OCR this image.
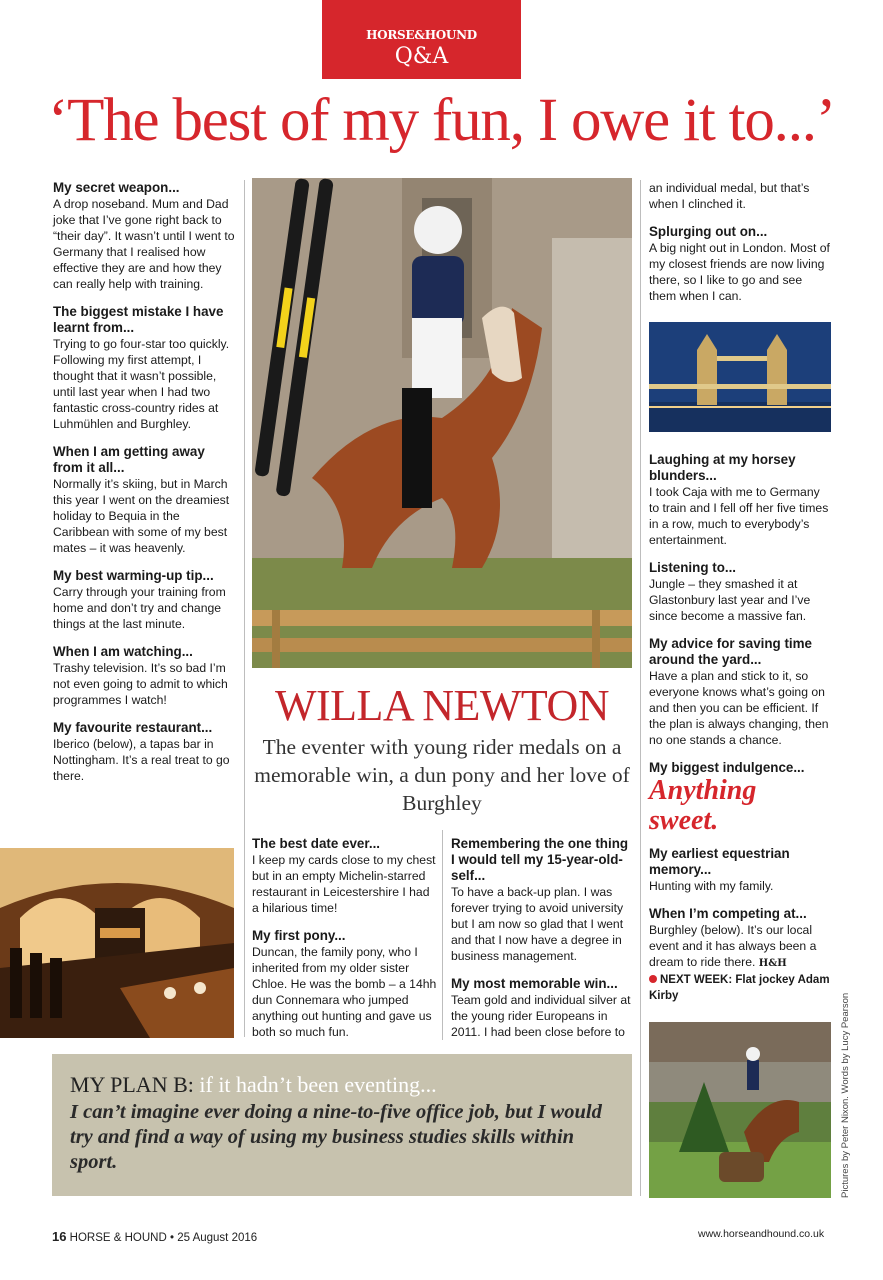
HORSE&HOUND
Q&A
‘The best of my fun, I owe it to...’
My secret weapon...

A drop noseband. Mum and Dad joke that I’ve gone right back to “their day”. It wasn’t until I went to Germany that I realised how effective they are and how they can really help with training.

The biggest mistake I have learnt from...

Trying to go four-star too quickly. Following my first attempt, I thought that it wasn’t possible, until last year when I had two fantastic cross-country rides at Luhmühlen and Burghley.

When I am getting away from it all...

Normally it’s skiing, but in March this year I went on the dreamiest holiday to Bequia in the Caribbean with some of my best mates – it was heavenly.

My best warming-up tip...

Carry through your training from home and don’t try and change things at the last minute.

When I am watching...

Trashy television. It’s so bad I’m not even going to admit to which programmes I watch!

My favourite restaurant...

Iberico (below), a tapas bar in Nottingham. It’s a real treat to go there.

WILLA NEWTON
The eventer with young rider medals on a memorable win, a dun pony and her love of Burghley
The best date ever...

I keep my cards close to my chest but in an empty Michelin-starred restaurant in Leicestershire I had a hilarious time!

My first pony...

Duncan, the family pony, who I inherited from my older sister Chloe. He was the bomb – a 14hh dun Connemara who jumped anything out hunting and gave us both so much fun.

Remembering the one thing I would tell my 15-year-old-self...

To have a back-up plan. I was forever trying to avoid university but I am now so glad that I went and that I now have a degree in business management.

My most memorable win...

Team gold and individual silver at the young rider Europeans in 2011. I had been close before to

an individual medal, but that’s when I clinched it.

Splurging out on...

A big night out in London. Most of my closest friends are now living there, so I like to go and see them when I can.

Laughing at my horsey blunders...

I took Caja with me to Germany to train and I fell off her five times in a row, much to everybody’s entertainment.

Listening to...

Jungle – they smashed it at Glastonbury last year and I’ve since become a massive fan.

My advice for saving time around the yard...

Have a plan and stick to it, so everyone knows what’s going on and then you can be efficient. If the plan is always changing, then no one stands a chance.

My biggest indulgence...
Anything sweet.
My earliest equestrian memory...

Hunting with my family.

When I’m competing at...

Burghley (below). It’s our local event and it has always been a dream to ride there. H&H

NEXT WEEK: Flat jockey Adam Kirby
MY PLAN B: if it hadn’t been eventing...
I can’t imagine ever doing a nine-to-five office job, but I would try and find a way of using my business studies skills within sport.
16 HORSE & HOUND • 25 August 2016	www.horseandhound.co.uk
Pictures by Peter Nixon. Words by Lucy Pearson
